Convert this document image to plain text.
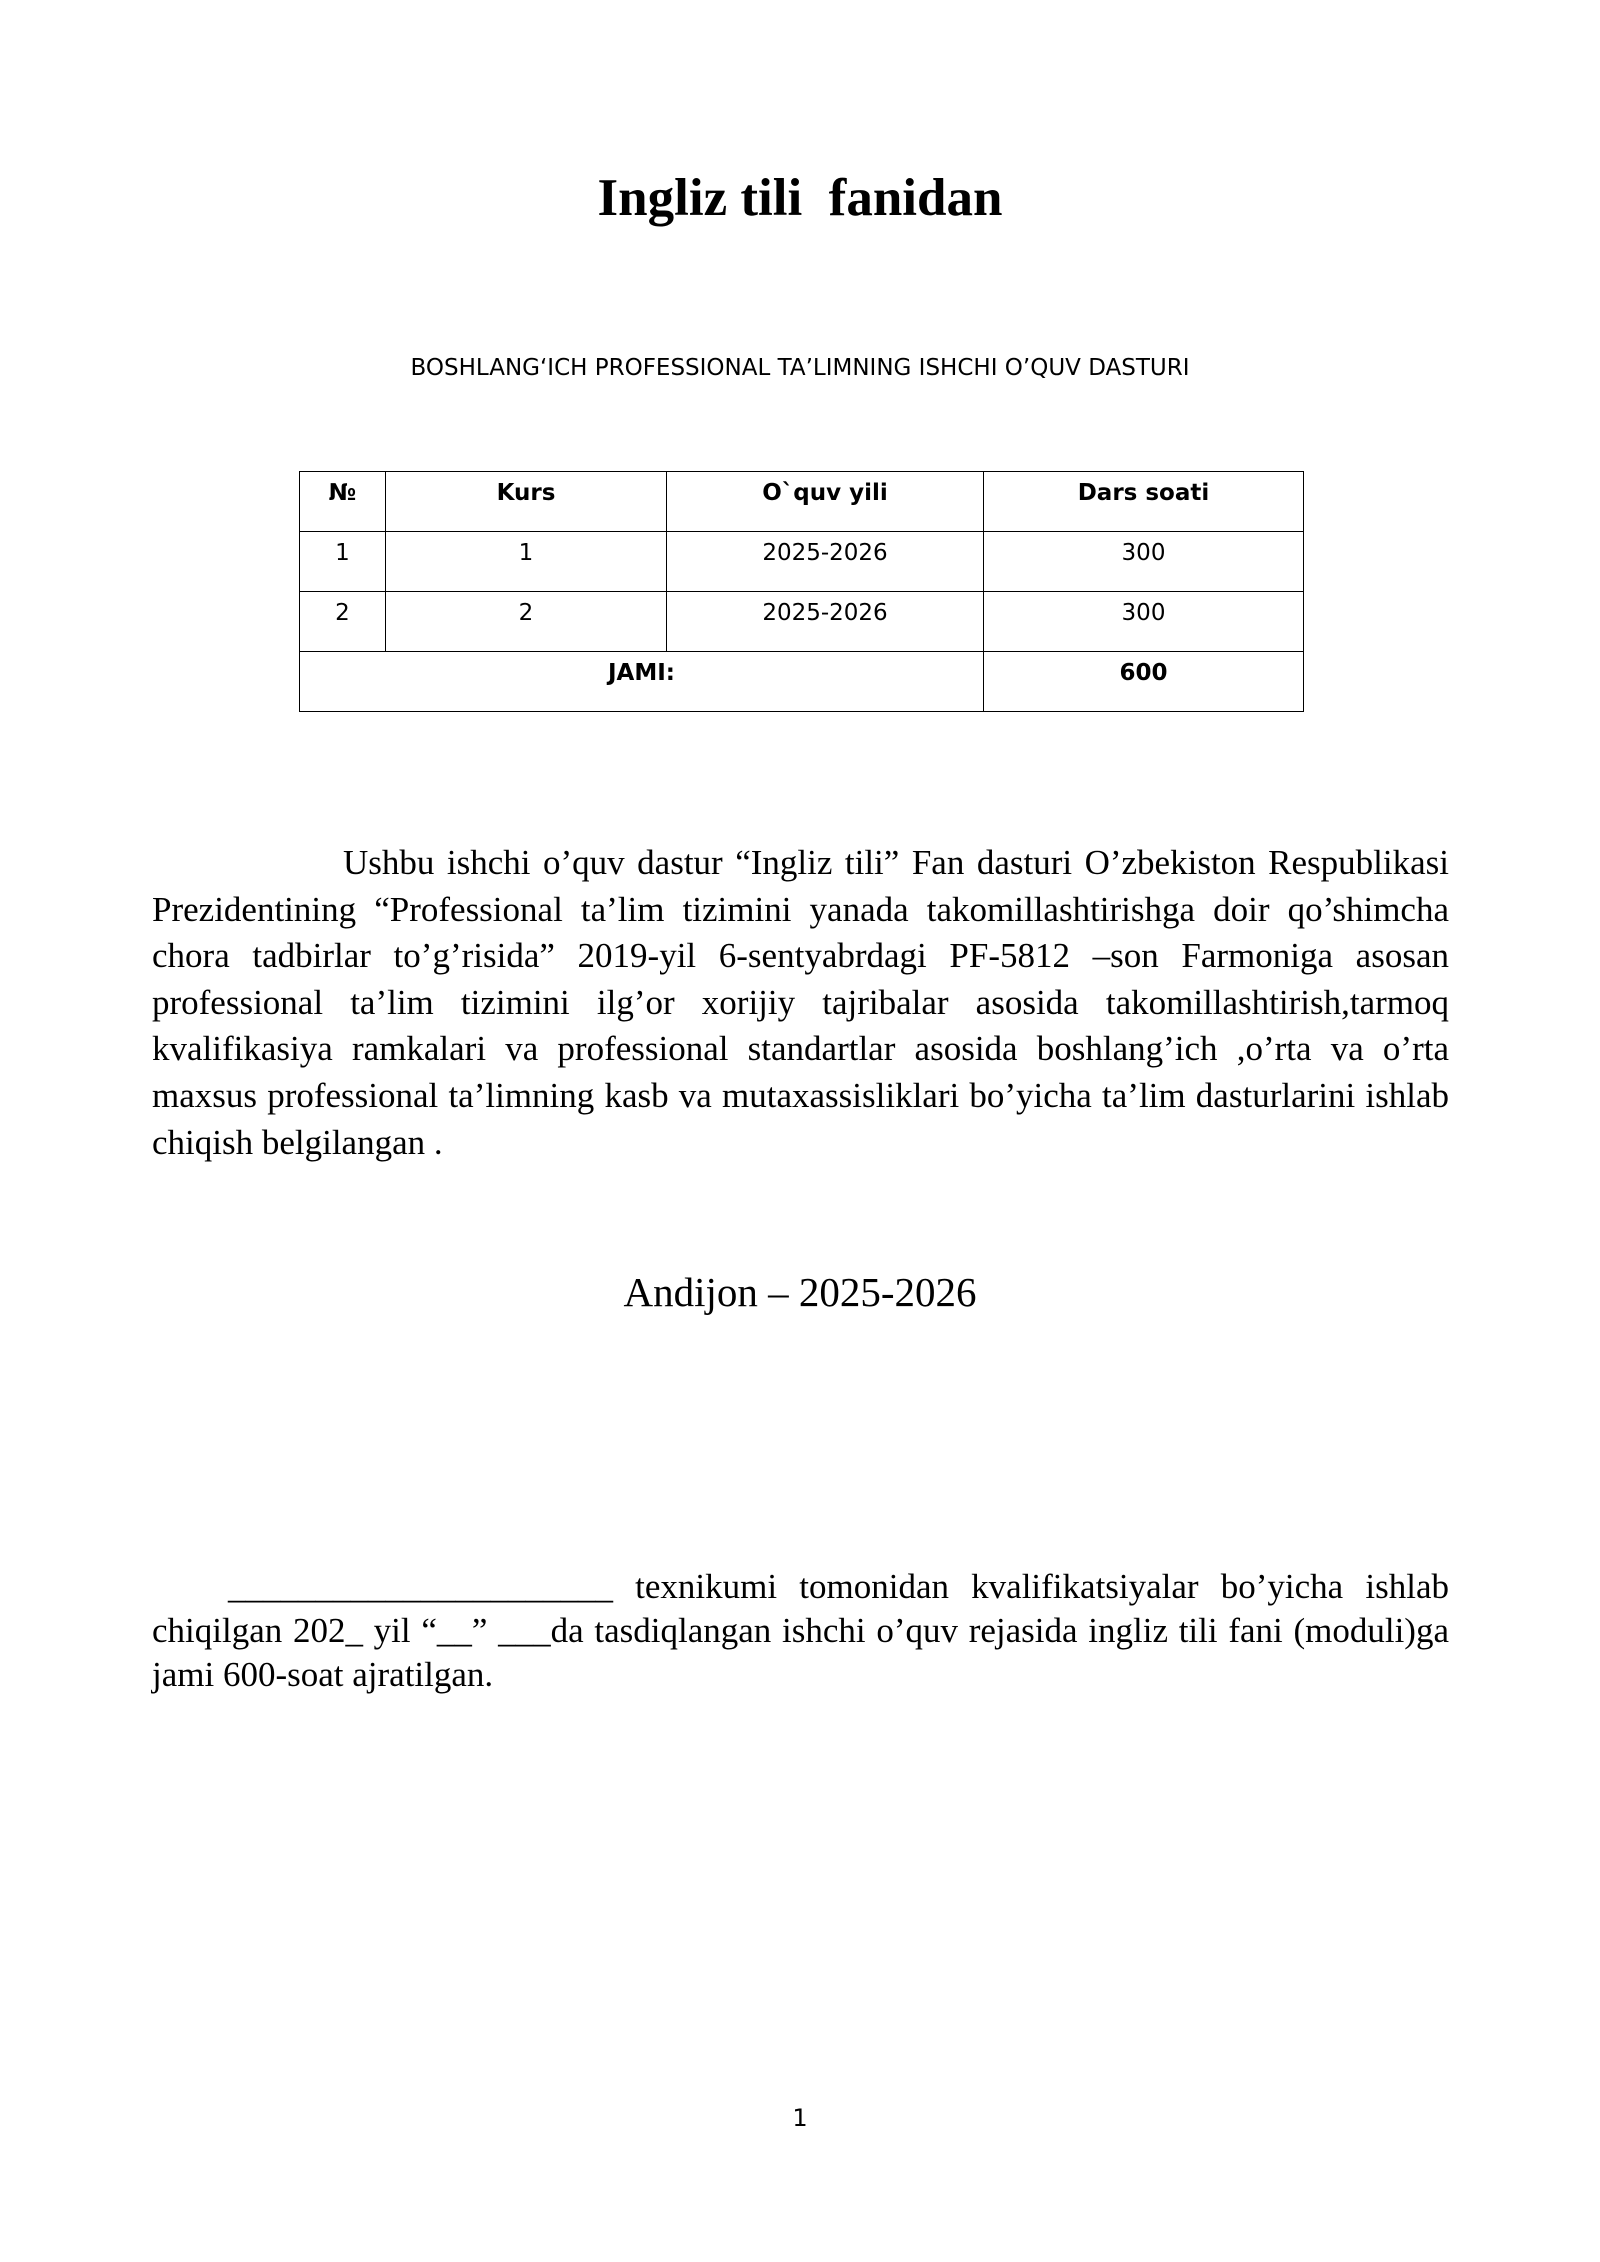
Ingliz tili  fanidan
BOSHLANG‘ICH PROFESSIONAL TA’LIMNING ISHCHI O’QUV DASTURI
№	Kurs	O`quv yili	Dars soati
1	1	2025-2026	300
2	2	2025-2026	300
JAMI:			600
Ushbu ishchi o’quv dastur “Ingliz tili” Fan dasturi O’zbekiston Respublikasi Prezidentining “Professional ta’lim tizimini yanada takomillashtirishga doir qo’shimcha chora tadbirlar to’g’risida” 2019-yil 6-sentyabrdagi PF-5812 –son Farmoniga asosan professional ta’lim tizimini ilg’or xorijiy tajribalar asosida takomillashtirish,tarmoq kvalifikasiya ramkalari va professional standartlar asosida boshlang’ich ,o’rta va o’rta maxsus professional ta’limning kasb va mutaxassisliklari bo’yicha ta’lim dasturlarini ishlab chiqish belgilangan .
Andijon – 2025-2026
______________________ texnikumi tomonidan kvalifikatsiyalar bo’yicha ishlab chiqilgan 202_ yil “__” ___da tasdiqlangan ishchi o’quv rejasida ingliz tili fani (moduli)ga jami 600-soat ajratilgan.
1
